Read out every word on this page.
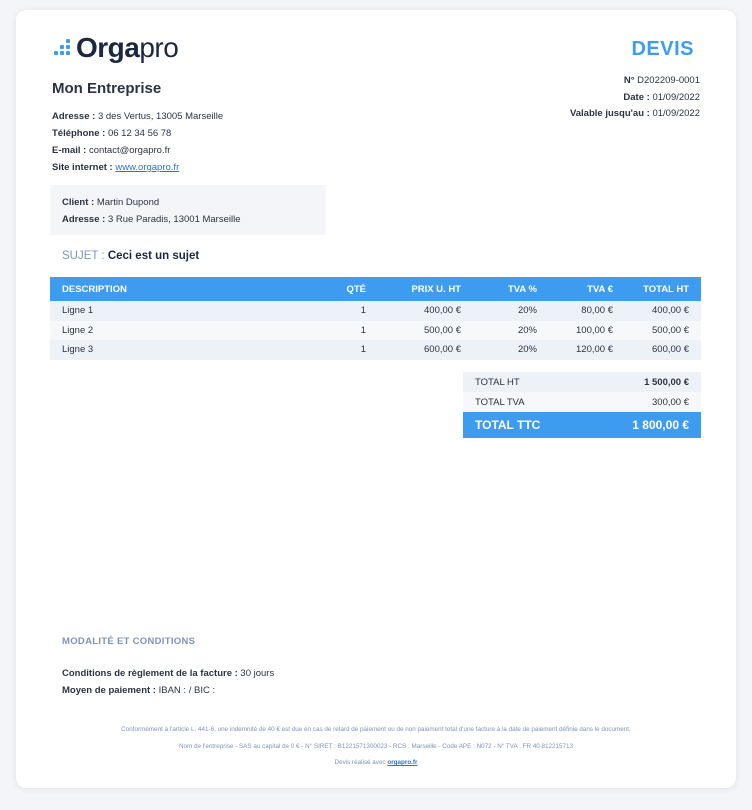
Orgapro	DEVIS
Mon Entreprise
Adresse : 3 des Vertus, 13005 Marseille
Téléphone : 06 12 34 56 78
E-mail : contact@orgapro.fr
Site internet : www.orgapro.fr
N° D202209-0001
Date : 01/09/2022
Valable jusqu'au : 01/09/2022
Client : Martin Dupond
Adresse : 3 Rue Paradis, 13001 Marseille
SUJET : Ceci est un sujet
DESCRIPTION	QTÉ	PRIX U. HT	TVA %	TVA €	TOTAL HT
Ligne 1	1	400,00 €	20%	80,00 €	400,00 €
Ligne 2	1	500,00 €	20%	100,00 €	500,00 €
Ligne 3	1	600,00 €	20%	120,00 €	600,00 €
TOTAL HT	1 500,00 €
TOTAL TVA	300,00 €
TOTAL TTC	1 800,00 €
MODALITÉ ET CONDITIONS
Conditions de règlement de la facture : 30 jours
Moyen de paiement : IBAN : / BIC :
Conformément à l'article L. 441-6, une indemnité de 40 € est due en cas de retard de paiement ou de non paiement total d'une facture à la date de paiement définie dans le document.
Nom de l'entreprise - SAS au capital de 0 € - N° SIRET : B1221571300023 - RCS : Marseille - Code APE : N072 - N° TVA : FR 40 812215713
Devis réalisé avec orgapro.fr
